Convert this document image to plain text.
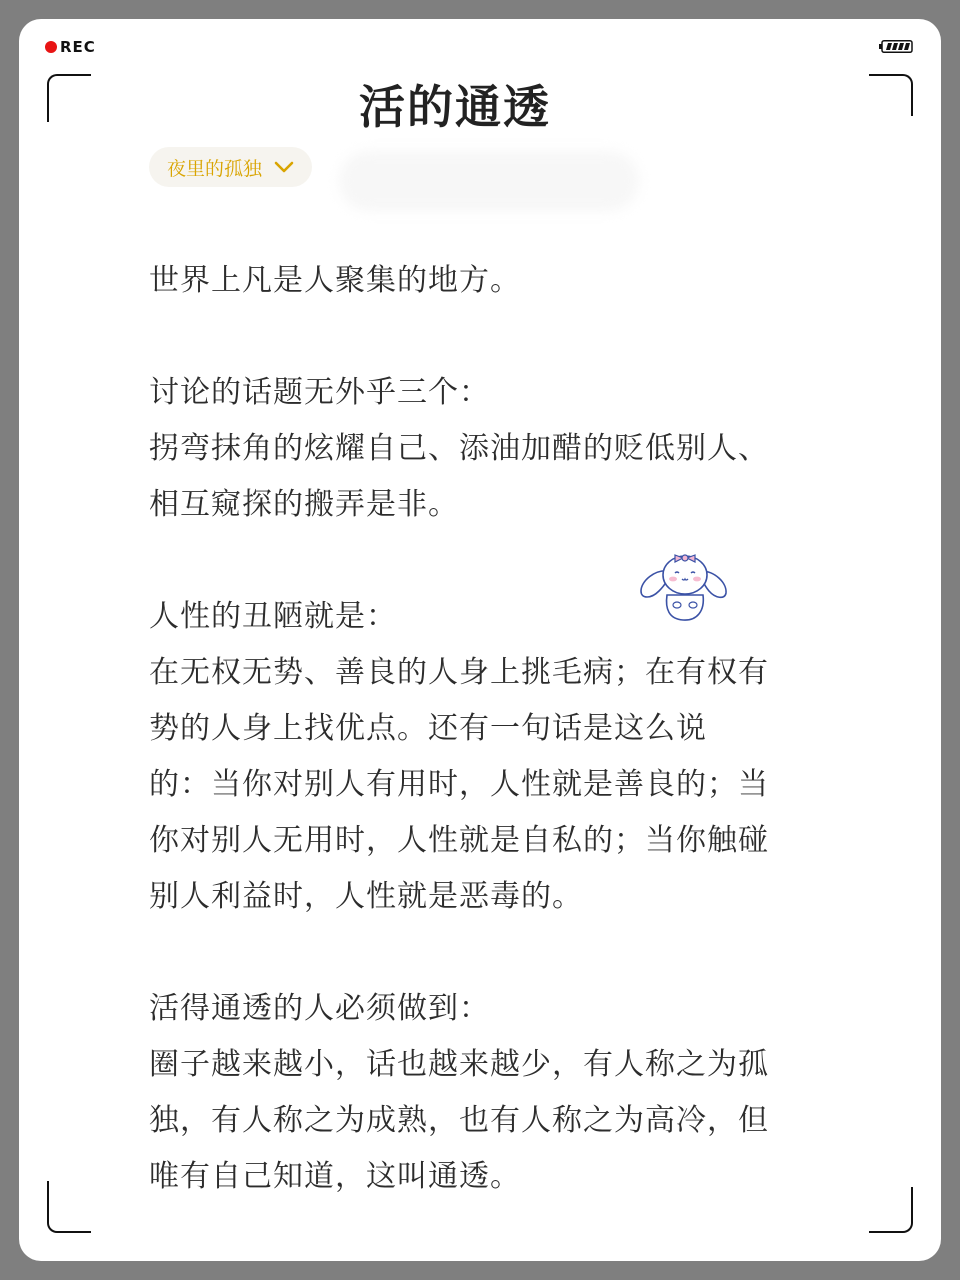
REC
活的通透
夜里的孤独
世界上凡是人聚集的地方。
讨论的话题无外乎三个：
拐弯抹角的炫耀自己、添油加醋的贬低别人、
相互窥探的搬弄是非。
人性的丑陋就是：
在无权无势、善良的人身上挑毛病；在有权有
势的人身上找优点。还有一句话是这么说
的：当你对别人有用时，人性就是善良的；当
你对别人无用时，人性就是自私的；当你触碰
别人利益时，人性就是恶毒的。
活得通透的人必须做到：
圈子越来越小，话也越来越少，有人称之为孤
独，有人称之为成熟，也有人称之为高冷，但
唯有自己知道，这叫通透。
